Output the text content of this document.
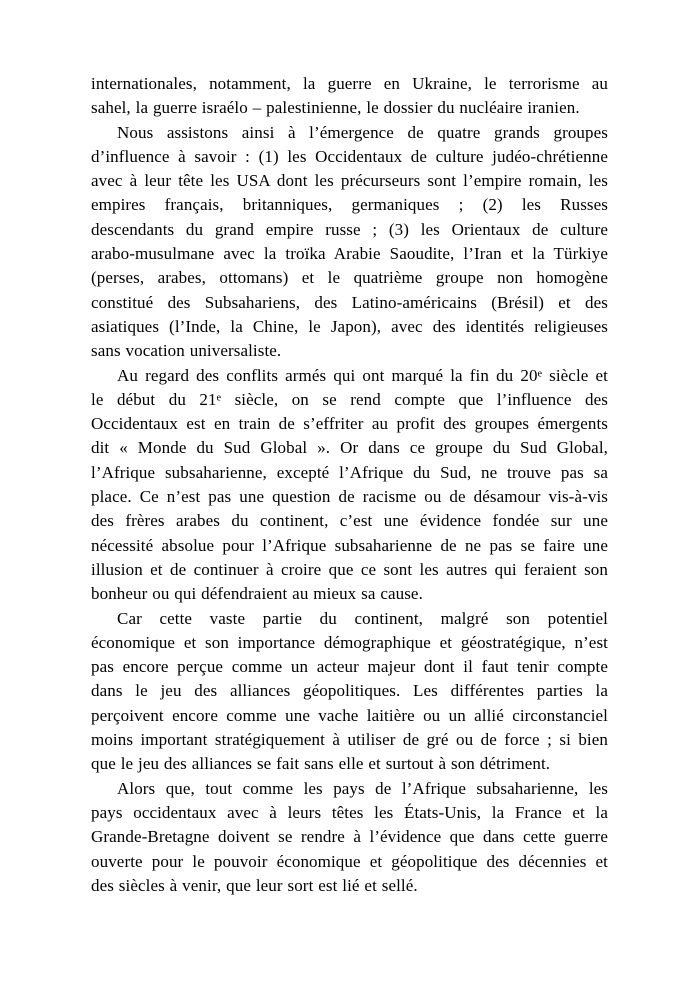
internationales, notamment, la guerre en Ukraine, le terrorisme au
sahel, la guerre israélo – palestinienne, le dossier du nucléaire iranien.
Nous assistons ainsi à l’émergence de quatre grands groupes
d’influence à savoir : (1) les Occidentaux de culture judéo-chrétienne
avec à leur tête les USA dont les précurseurs sont l’empire romain, les
empires français, britanniques, germaniques ; (2) les Russes
descendants du grand empire russe ; (3) les Orientaux de culture
arabo-musulmane avec la troïka Arabie Saoudite, l’Iran et la Türkiye
(perses, arabes, ottomans) et le quatrième groupe non homogène
constitué des Subsahariens, des Latino-américains (Brésil) et des
asiatiques (l’Inde, la Chine, le Japon), avec des identités religieuses
sans vocation universaliste.
Au regard des conflits armés qui ont marqué la fin du 20ᵉ siècle et
le début du 21ᵉ siècle, on se rend compte que l’influence des
Occidentaux est en train de s’effriter au profit des groupes émergents
dit « Monde du Sud Global ». Or dans ce groupe du Sud Global,
l’Afrique subsaharienne, excepté l’Afrique du Sud, ne trouve pas sa
place. Ce n’est pas une question de racisme ou de désamour vis-à-vis
des frères arabes du continent, c’est une évidence fondée sur une
nécessité absolue pour l’Afrique subsaharienne de ne pas se faire une
illusion et de continuer à croire que ce sont les autres qui feraient son
bonheur ou qui défendraient au mieux sa cause.
Car cette vaste partie du continent, malgré son potentiel
économique et son importance démographique et géostratégique, n’est
pas encore perçue comme un acteur majeur dont il faut tenir compte
dans le jeu des alliances géopolitiques. Les différentes parties la
perçoivent encore comme une vache laitière ou un allié circonstanciel
moins important stratégiquement à utiliser de gré ou de force ; si bien
que le jeu des alliances se fait sans elle et surtout à son détriment.
Alors que, tout comme les pays de l’Afrique subsaharienne, les
pays occidentaux avec à leurs têtes les États-Unis, la France et la
Grande-Bretagne doivent se rendre à l’évidence que dans cette guerre
ouverte pour le pouvoir économique et géopolitique des décennies et
des siècles à venir, que leur sort est lié et sellé.
